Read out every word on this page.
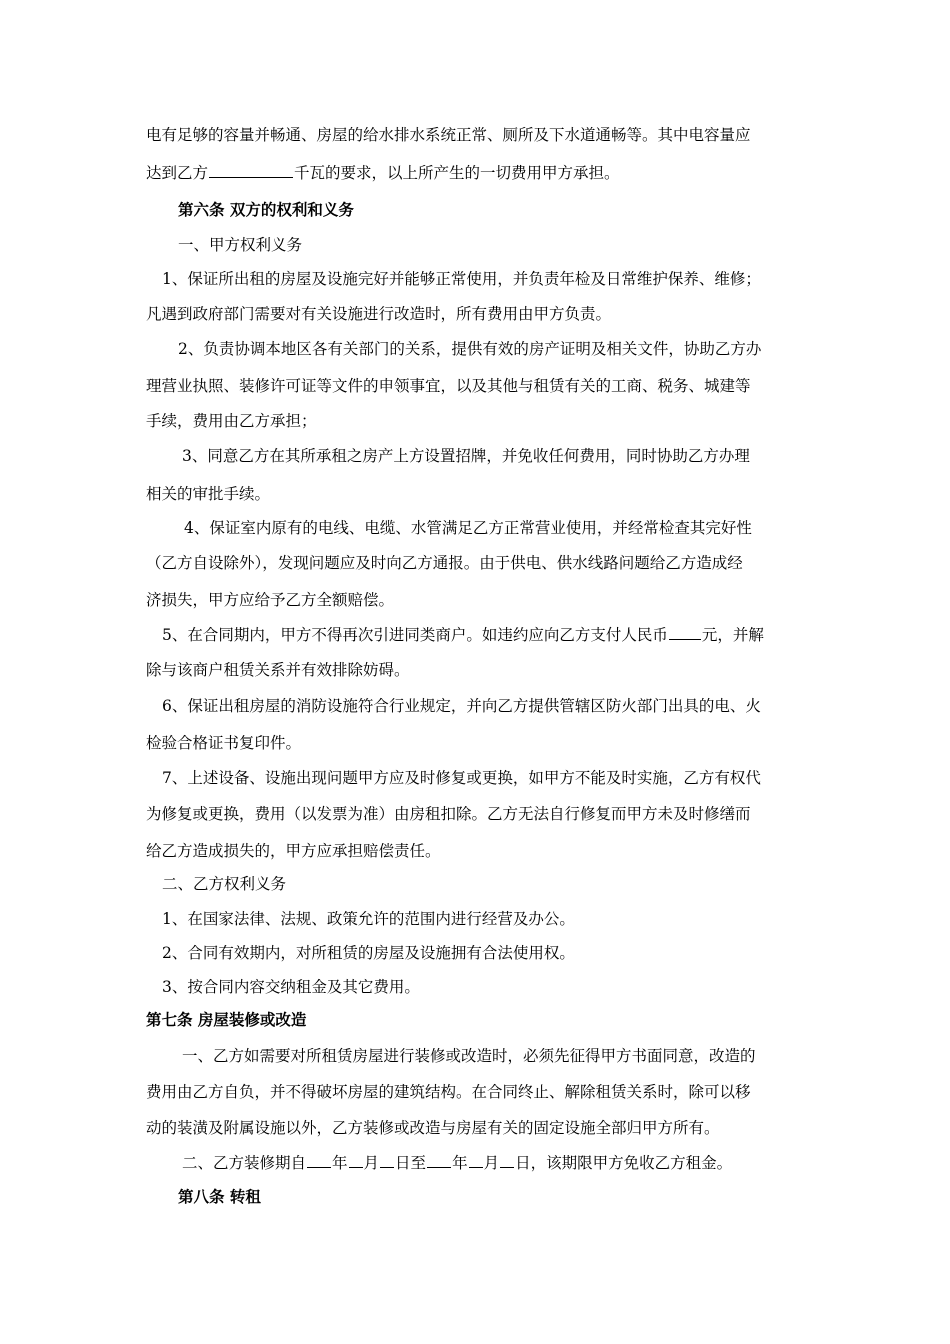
电有足够的容量并畅通、房屋的给水排水系统正常、厕所及下水道通畅等。其中电容量应
达到乙方	千瓦的要求，以上所产生的一切费用甲方承担。
第六条 双方的权利和义务
一、甲方权利义务
1、保证所出租的房屋及设施完好并能够正常使用，并负责年检及日常维护保养、维修；
凡遇到政府部门需要对有关设施进行改造时，所有费用由甲方负责。
2、负责协调本地区各有关部门的关系，提供有效的房产证明及相关文件，协助乙方办
理营业执照、装修许可证等文件的申领事宜，以及其他与租赁有关的工商、税务、城建等
手续，费用由乙方承担；
3、同意乙方在其所承租之房产上方设置招牌，并免收任何费用，同时协助乙方办理
相关的审批手续。
4、保证室内原有的电线、电缆、水管满足乙方正常营业使用，并经常检查其完好性
（乙方自设除外），发现问题应及时向乙方通报。由于供电、供水线路问题给乙方造成经
济损失，甲方应给予乙方全额赔偿。
5、在合同期内，甲方不得再次引进同类商户。如违约应向乙方支付人民币 元，并解
除与该商户租赁关系并有效排除妨碍。
6、保证出租房屋的消防设施符合行业规定，并向乙方提供管辖区防火部门出具的电、火
检验合格证书复印件。
7、上述设备、设施出现问题甲方应及时修复或更换，如甲方不能及时实施，乙方有权代
为修复或更换，费用（以发票为准）由房租扣除。乙方无法自行修复而甲方未及时修缮而
给乙方造成损失的，甲方应承担赔偿责任。
二、乙方权利义务
1、在国家法律、法规、政策允许的范围内进行经营及办公。
2、合同有效期内，对所租赁的房屋及设施拥有合法使用权。
3、按合同内容交纳租金及其它费用。
第七条 房屋装修或改造
一、乙方如需要对所租赁房屋进行装修或改造时，必须先征得甲方书面同意，改造的
费用由乙方自负，并不得破坏房屋的建筑结构。在合同终止、解除租赁关系时，除可以移
动的装潢及附属设施以外，乙方装修或改造与房屋有关的固定设施全部归甲方所有。
二、乙方装修期自 年 月 日至 年 月 日，该期限甲方免收乙方租金。
第八条 转租
